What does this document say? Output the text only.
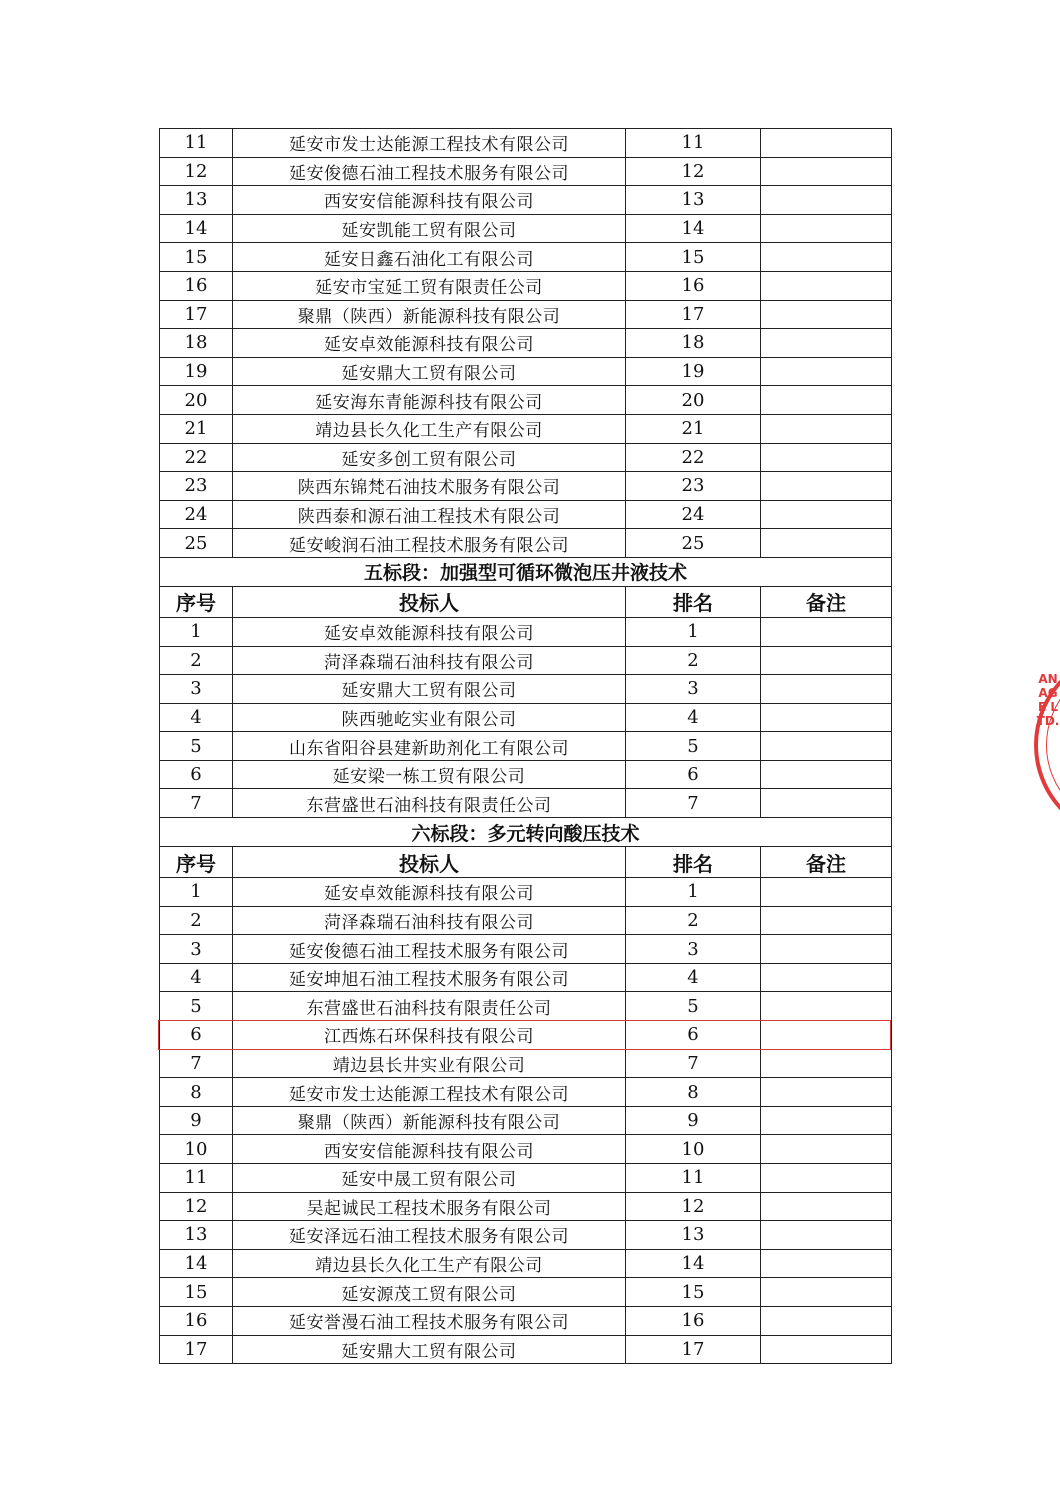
11	延安市发士达能源工程技术有限公司	11	
12	延安俊德石油工程技术服务有限公司	12	
13	西安安信能源科技有限公司	13	
14	延安凯能工贸有限公司	14	
15	延安日鑫石油化工有限公司	15	
16	延安市宝延工贸有限责任公司	16	
17	聚鼎（陕西）新能源科技有限公司	17	
18	延安卓效能源科技有限公司	18	
19	延安鼎大工贸有限公司	19	
20	延安海东青能源科技有限公司	20	
21	靖边县长久化工生产有限公司	21	
22	延安多创工贸有限公司	22	
23	陕西东锦梵石油技术服务有限公司	23	
24	陕西泰和源石油工程技术有限公司	24	
25	延安峻润石油工程技术服务有限公司	25	
五标段：加强型可循环微泡压井液技术			
序号	投标人	排名	备注
1	延安卓效能源科技有限公司	1	
2	菏泽森瑞石油科技有限公司	2	
3	延安鼎大工贸有限公司	3	
4	陕西驰屹实业有限公司	4	
5	山东省阳谷县建新助剂化工有限公司	5	
6	延安梁一栋工贸有限公司	6	
7	东营盛世石油科技有限责任公司	7	
六标段：多元转向酸压技术			
序号	投标人	排名	备注
1	延安卓效能源科技有限公司	1	
2	菏泽森瑞石油科技有限公司	2	
3	延安俊德石油工程技术服务有限公司	3	
4	延安坤旭石油工程技术服务有限公司	4	
5	东营盛世石油科技有限责任公司	5	
6	江西炼石环保科技有限公司	6	
7	靖边县长井实业有限公司	7	
8	延安市发士达能源工程技术有限公司	8	
9	聚鼎（陕西）新能源科技有限公司	9	
10	西安安信能源科技有限公司	10	
11	延安中晟工贸有限公司	11	
12	吴起诚民工程技术服务有限公司	12	
13	延安泽远石油工程技术服务有限公司	13	
14	靖边县长久化工生产有限公司	14	
15	延安源茂工贸有限公司	15	
16	延安誉漫石油工程技术服务有限公司	16	
17	延安鼎大工贸有限公司	17	
ANAGE LTD.
